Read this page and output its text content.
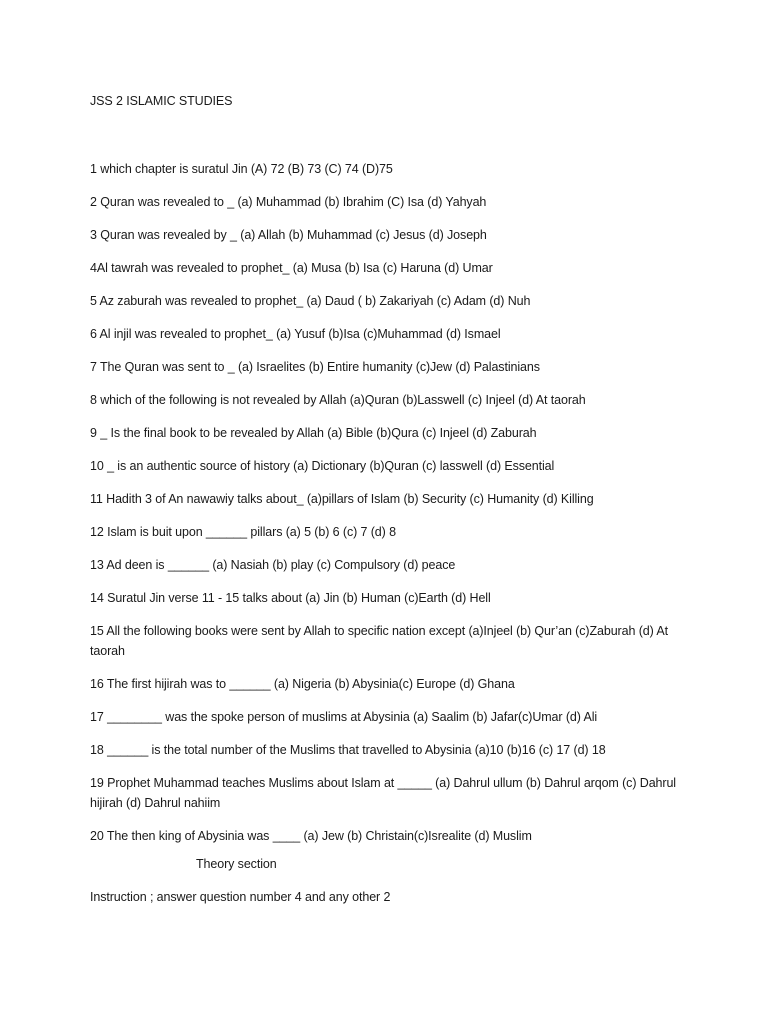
JSS 2 ISLAMIC STUDIES
1 which chapter is suratul Jin (A) 72 (B) 73 (C) 74 (D)75
2 Quran was revealed to _ (a) Muhammad (b) Ibrahim (C) Isa (d) Yahyah
3 Quran was revealed by _ (a) Allah (b) Muhammad (c) Jesus (d) Joseph
4Al tawrah was revealed to prophet_ (a) Musa (b) Isa (c) Haruna (d) Umar
5 Az zaburah was revealed to prophet_ (a) Daud ( b) Zakariyah (c) Adam (d) Nuh
6 Al injil was revealed to prophet_ (a) Yusuf (b)Isa (c)Muhammad (d) Ismael
7 The Quran was sent to _ (a) Israelites (b) Entire humanity (c)Jew (d) Palastinians
8 which of the following is not revealed by Allah (a)Quran (b)Lasswell (c) Injeel (d) At taorah
9 _ Is the final book to be revealed by Allah (a) Bible (b)Qura (c) Injeel (d) Zaburah
10 _ is an authentic source of history (a) Dictionary (b)Quran (c) lasswell (d) Essential
11 Hadith 3 of An nawawiy talks about_ (a)pillars of Islam (b) Security (c) Humanity (d) Killing
12 Islam is buit upon ______ pillars (a) 5 (b) 6 (c) 7 (d) 8
13 Ad deen is ______ (a) Nasiah (b) play (c) Compulsory (d) peace
14 Suratul Jin verse 11 - 15 talks about (a) Jin (b) Human (c)Earth (d) Hell
15 All the following books were sent by Allah to specific nation except (a)Injeel (b) Qur’an (c)Zaburah (d) At taorah
16 The first hijirah was to ______ (a) Nigeria (b) Abysinia(c) Europe (d) Ghana
17 ________ was the spoke person of muslims at Abysinia (a) Saalim (b) Jafar(c)Umar (d) Ali
18 ______ is the total number of the Muslims that travelled to Abysinia (a)10 (b)16 (c) 17 (d) 18
19 Prophet Muhammad teaches Muslims about Islam at _____ (a) Dahrul ullum (b) Dahrul arqom (c) Dahrul hijirah (d) Dahrul nahiim
20 The then king of Abysinia was ____ (a) Jew (b) Christain(c)Isrealite (d) Muslim
Theory section
Instruction ; answer question number 4 and any other 2
